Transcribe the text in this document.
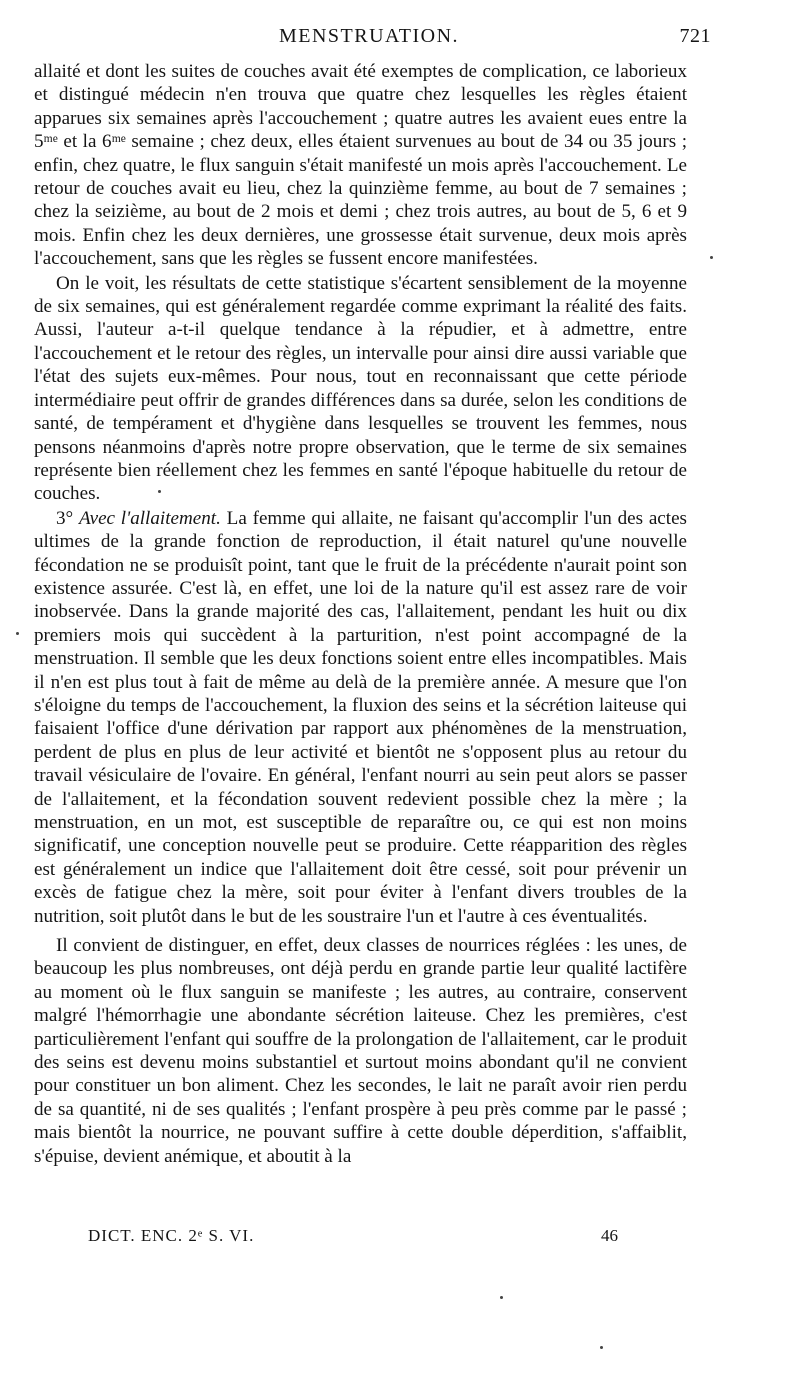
MENSTRUATION.	721

allaité et dont les suites de couches avait été exemptes de complication, ce laborieux et distingué médecin n'en trouva que quatre chez lesquelles les règles étaient apparues six semaines après l'accouchement ; quatre autres les avaient eues entre la 5ᵐᵉ et la 6ᵐᵉ semaine ; chez deux, elles étaient survenues au bout de 34 ou 35 jours ; enfin, chez quatre, le flux sanguin s'était manifesté un mois après l'accouchement. Le retour de couches avait eu lieu, chez la quinzième femme, au bout de 7 semaines ; chez la seizième, au bout de 2 mois et demi ; chez trois autres, au bout de 5, 6 et 9 mois. Enfin chez les deux dernières, une grossesse était survenue, deux mois après l'accouchement, sans que les règles se fussent encore manifestées.

On le voit, les résultats de cette statistique s'écartent sensiblement de la moyenne de six semaines, qui est généralement regardée comme exprimant la réalité des faits. Aussi, l'auteur a-t-il quelque tendance à la répudier, et à admettre, entre l'accouchement et le retour des règles, un intervalle pour ainsi dire aussi variable que l'état des sujets eux-mêmes. Pour nous, tout en reconnaissant que cette période intermédiaire peut offrir de grandes différences dans sa durée, selon les conditions de santé, de tempérament et d'hygiène dans lesquelles se trouvent les femmes, nous pensons néanmoins d'après notre propre observation, que le terme de six semaines représente bien réellement chez les femmes en santé l'époque habituelle du retour de couches.

3° Avec l'allaitement. La femme qui allaite, ne faisant qu'accomplir l'un des actes ultimes de la grande fonction de reproduction, il était naturel qu'une nouvelle fécondation ne se produisît point, tant que le fruit de la précédente n'aurait point son existence assurée. C'est là, en effet, une loi de la nature qu'il est assez rare de voir inobservée. Dans la grande majorité des cas, l'allaitement, pendant les huit ou dix premiers mois qui succèdent à la parturition, n'est point accompagné de la menstruation. Il semble que les deux fonctions soient entre elles incompatibles. Mais il n'en est plus tout à fait de même au delà de la première année. A mesure que l'on s'éloigne du temps de l'accouchement, la fluxion des seins et la sécrétion laiteuse qui faisaient l'office d'une dérivation par rapport aux phénomènes de la menstruation, perdent de plus en plus de leur activité et bientôt ne s'opposent plus au retour du travail vésiculaire de l'ovaire. En général, l'enfant nourri au sein peut alors se passer de l'allaitement, et la fécondation souvent redevient possible chez la mère ; la menstruation, en un mot, est susceptible de reparaître ou, ce qui est non moins significatif, une conception nouvelle peut se produire. Cette réapparition des règles est généralement un indice que l'allaitement doit être cessé, soit pour prévenir un excès de fatigue chez la mère, soit pour éviter à l'enfant divers troubles de la nutrition, soit plutôt dans le but de les soustraire l'un et l'autre à ces éventualités.

Il convient de distinguer, en effet, deux classes de nourrices réglées : les unes, de beaucoup les plus nombreuses, ont déjà perdu en grande partie leur qualité lactifère au moment où le flux sanguin se manifeste ; les autres, au contraire, conservent malgré l'hémorrhagie une abondante sécrétion laiteuse. Chez les premières, c'est particulièrement l'enfant qui souffre de la prolongation de l'allaitement, car le produit des seins est devenu moins substantiel et surtout moins abondant qu'il ne convient pour constituer un bon aliment. Chez les secondes, le lait ne paraît avoir rien perdu de sa quantité, ni de ses qualités ; l'enfant prospère à peu près comme par le passé ; mais bientôt la nourrice, ne pouvant suffire à cette double déperdition, s'affaiblit, s'épuise, devient anémique, et aboutit à la

DICT. ENC. 2ᵉ S. VI.	46
